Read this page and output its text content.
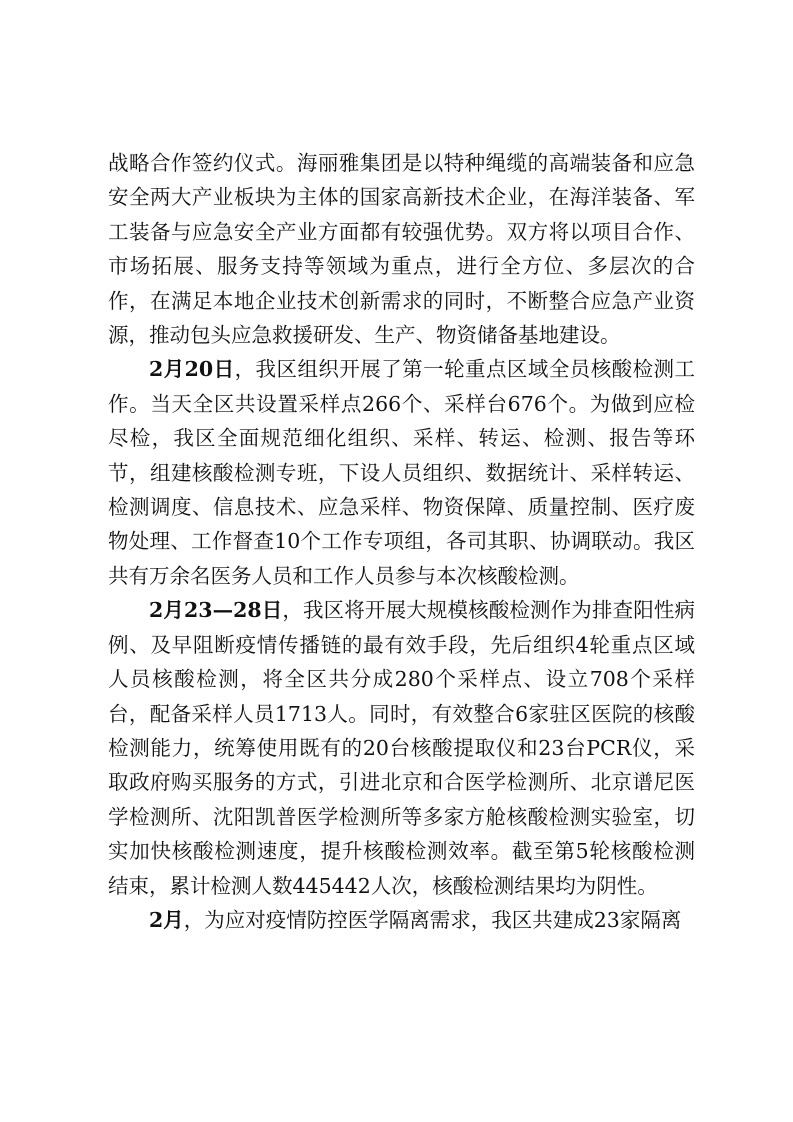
战略合作签约仪式。海丽雅集团是以特种绳缆的高端装备和应急安全两大产业板块为主体的国家高新技术企业，在海洋装备、军工装备与应急安全产业方面都有较强优势。双方将以项目合作、市场拓展、服务支持等领域为重点，进行全方位、多层次的合作，在满足本地企业技术创新需求的同时，不断整合应急产业资源，推动包头应急救援研发、生产、物资储备基地建设。

2月20日，我区组织开展了第一轮重点区域全员核酸检测工作。当天全区共设置采样点266个、采样台676个。为做到应检尽检，我区全面规范细化组织、采样、转运、检测、报告等环节，组建核酸检测专班，下设人员组织、数据统计、采样转运、检测调度、信息技术、应急采样、物资保障、质量控制、医疗废物处理、工作督查10个工作专项组，各司其职、协调联动。我区共有万余名医务人员和工作人员参与本次核酸检测。

2月23—28日，我区将开展大规模核酸检测作为排查阳性病例、及早阻断疫情传播链的最有效手段，先后组织4轮重点区域人员核酸检测，将全区共分成280个采样点、设立708个采样台，配备采样人员1713人。同时，有效整合6家驻区医院的核酸检测能力，统筹使用既有的20台核酸提取仪和23台PCR仪，采取政府购买服务的方式，引进北京和合医学检测所、北京谱尼医学检测所、沈阳凯普医学检测所等多家方舱核酸检测实验室，切实加快核酸检测速度，提升核酸检测效率。截至第5轮核酸检测结束，累计检测人数445442人次，核酸检测结果均为阴性。

2月，为应对疫情防控医学隔离需求，我区共建成23家隔离
